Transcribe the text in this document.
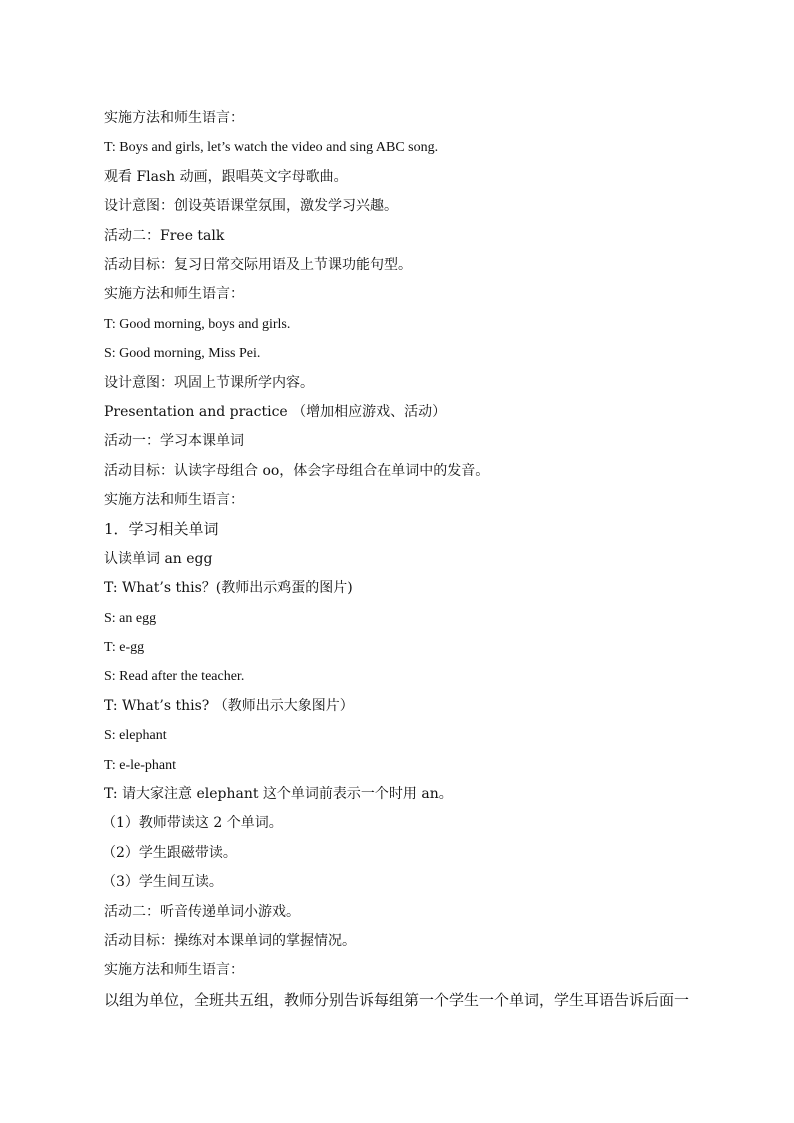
实施方法和师生语言：
T: Boys and girls, let’s watch the video and sing ABC song.
观看 Flash 动画，跟唱英文字母歌曲。
设计意图：创设英语课堂氛围，激发学习兴趣。
活动二：Free talk
活动目标：复习日常交际用语及上节课功能句型。
实施方法和师生语言：
T: Good morning, boys and girls.
S: Good morning, Miss Pei.
设计意图：巩固上节课所学内容。
Presentation and practice （增加相应游戏、活动）
活动一：学习本课单词
活动目标：认读字母组合 oo，体会字母组合在单词中的发音。
实施方法和师生语言：
1．学习相关单词
认读单词 an egg
T: What’s this？(教师出示鸡蛋的图片)
S: an egg
T: e-gg
S: Read after the teacher.
T: What’s this? （教师出示大象图片）
S: elephant
T: e-le-phant
T: 请大家注意 elephant 这个单词前表示一个时用 an。
（1）教师带读这 2 个单词。
（2）学生跟磁带读。
（3）学生间互读。
活动二：听音传递单词小游戏。
活动目标：操练对本课单词的掌握情况。
实施方法和师生语言：
以组为单位，全班共五组，教师分别告诉每组第一个学生一个单词，学生耳语告诉后面一
